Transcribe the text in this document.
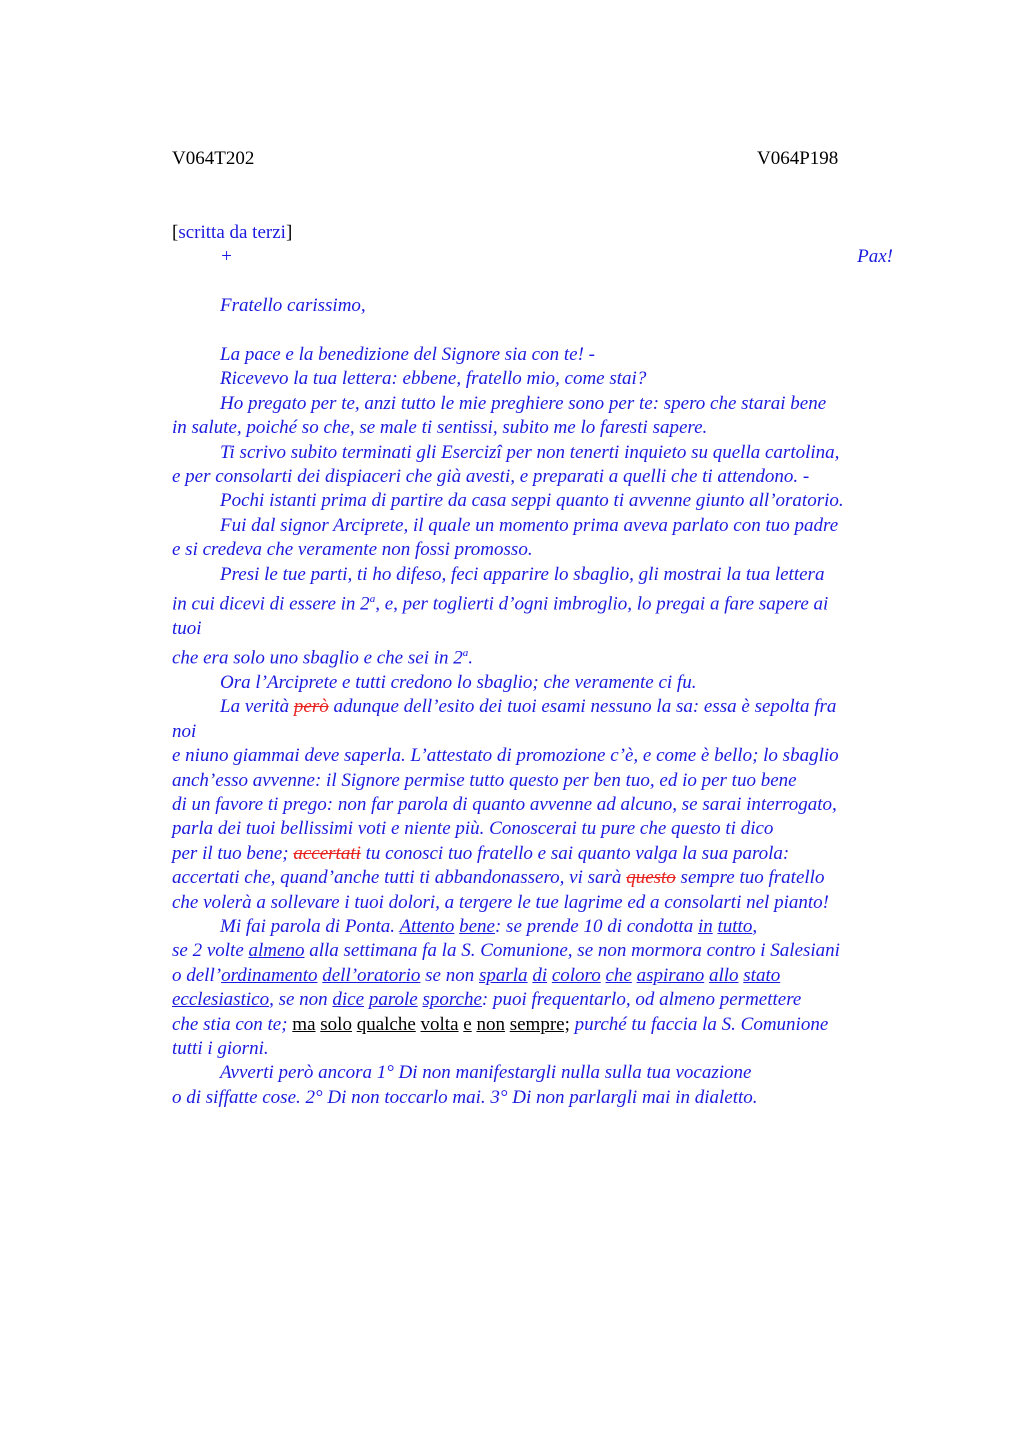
V064T202	V064P198
[scritta da terzi]
+	Pax!
Fratello carissimo,
La pace e la benedizione del Signore sia con te! -
Ricevevo la tua lettera: ebbene, fratello mio, come stai?
Ho pregato per te, anzi tutto le mie preghiere sono per te: spero che starai bene
in salute, poiché so che, se male ti sentissi, subito me lo faresti sapere.
Ti scrivo subito terminati gli Esercizî per non tenerti inquieto su quella cartolina,
e per consolarti dei dispiaceri che già avesti, e preparati a quelli che ti attendono. -
Pochi istanti prima di partire da casa seppi quanto ti avvenne giunto all’oratorio.
Fui dal signor Arciprete, il quale un momento prima aveva parlato con tuo padre
e si credeva che veramente non fossi promosso.
Presi le tue parti, ti ho difeso, feci apparire lo sbaglio, gli mostrai la tua lettera
in cui dicevi di essere in 2$^a$, e, per toglierti d’ogni imbroglio, lo pregai a fare sapere ai
tuoi
che era solo uno sbaglio e che sei in 2$^a$.
Ora l’Arciprete e tutti credono lo sbaglio; che veramente ci fu.
La verità però adunque dell’esito dei tuoi esami nessuno la sa: essa è sepolta fra
noi
e niuno giammai deve saperla. L’attestato di promozione c’è, e come è bello; lo sbaglio
anch’esso avvenne: il Signore permise tutto questo per ben tuo, ed io per tuo bene
di un favore ti prego: non far parola di quanto avvenne ad alcuno, se sarai interrogato,
parla dei tuoi bellissimi voti e niente più. Conoscerai tu pure che questo ti dico
per il tuo bene; accertati tu conosci tuo fratello e sai quanto valga la sua parola:
accertati che, quand’anche tutti ti abbandonassero, vi sarà questo sempre tuo fratello
che volerà a sollevare i tuoi dolori, a tergere le tue lagrime ed a consolarti nel pianto!
Mi fai parola di Ponta. Attento bene: se prende 10 di condotta in tutto,
se 2 volte almeno alla settimana fa la S. Comunione, se non mormora contro i Salesiani
o dell’ordinamento dell’oratorio se non sparla di coloro che aspirano allo stato
ecclesiastico, se non dice parole sporche: puoi frequentarlo, od almeno permettere
che stia con te; ma solo qualche volta e non sempre; purché tu faccia la S. Comunione
tutti i giorni.
Avverti però ancora 1° Di non manifestargli nulla sulla tua vocazione
o di siffatte cose. 2° Di non toccarlo mai. 3° Di non parlargli mai in dialetto.
